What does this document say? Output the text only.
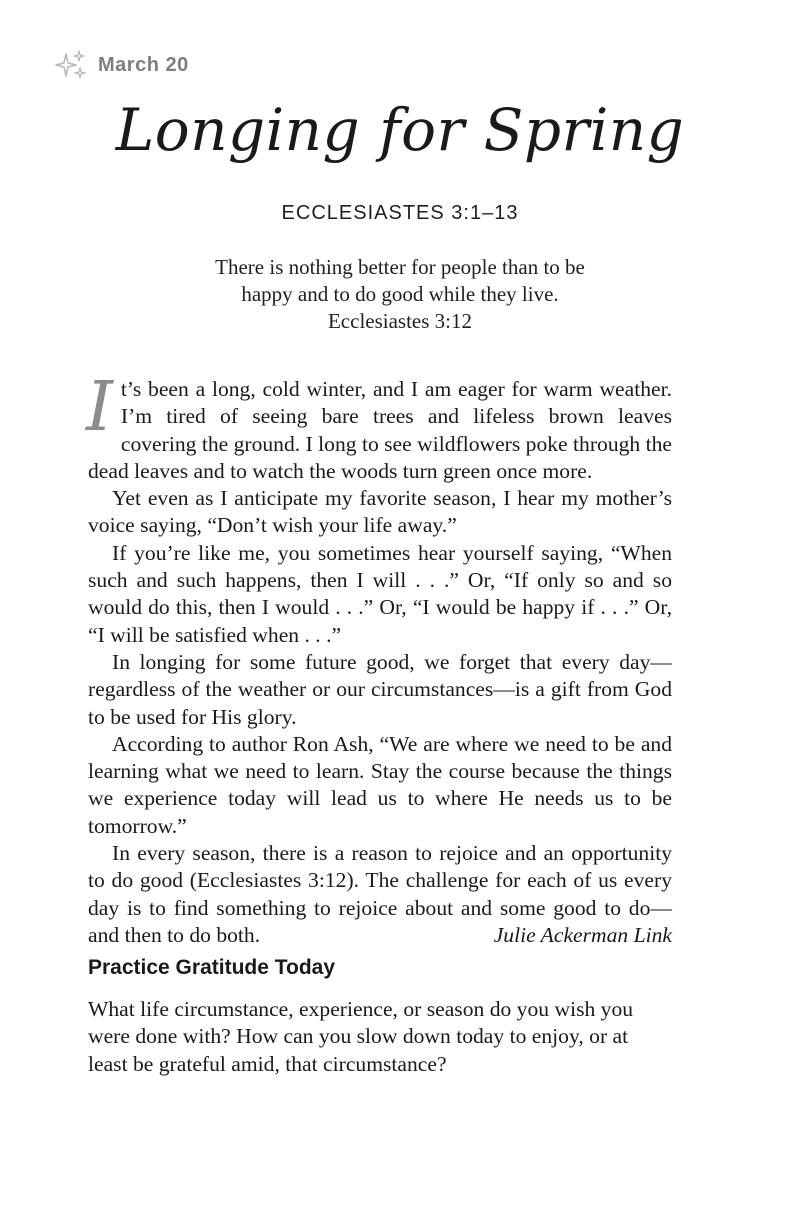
March 20
Longing for Spring
ECCLESIASTES 3:1–13

There is nothing better for people than to be

happy and to do good while they live.

Ecclesiastes 3:12

It’s been a long, cold winter, and I am eager for warm weather. I’m tired of seeing bare trees and lifeless brown leaves covering the ground. I long to see wildflowers poke through the dead leaves and to watch the woods turn green once more.

Yet even as I anticipate my favorite season, I hear my mother’s voice saying, “Don’t wish your life away.”

If you’re like me, you sometimes hear yourself saying, “When such and such happens, then I will . . .” Or, “If only so and so would do this, then I would . . .” Or, “I would be happy if . . .” Or, “I will be satisfied when . . .”

In longing for some future good, we forget that every day—regardless of the weather or our circumstances—is a gift from God to be used for His glory.

According to author Ron Ash, “We are where we need to be and learning what we need to learn. Stay the course because the things we experience today will lead us to where He needs us to be tomorrow.”

In every season, there is a reason to rejoice and an opportunity to do good (Ecclesiastes 3:12). The challenge for each of us every day is to find something to rejoice about and some good to do—and then to do both.	Julie Ackerman Link

Practice Gratitude Today

What life circumstance, experience, or season do you wish you were done with? How can you slow down today to enjoy, or at least be grateful amid, that circumstance?
